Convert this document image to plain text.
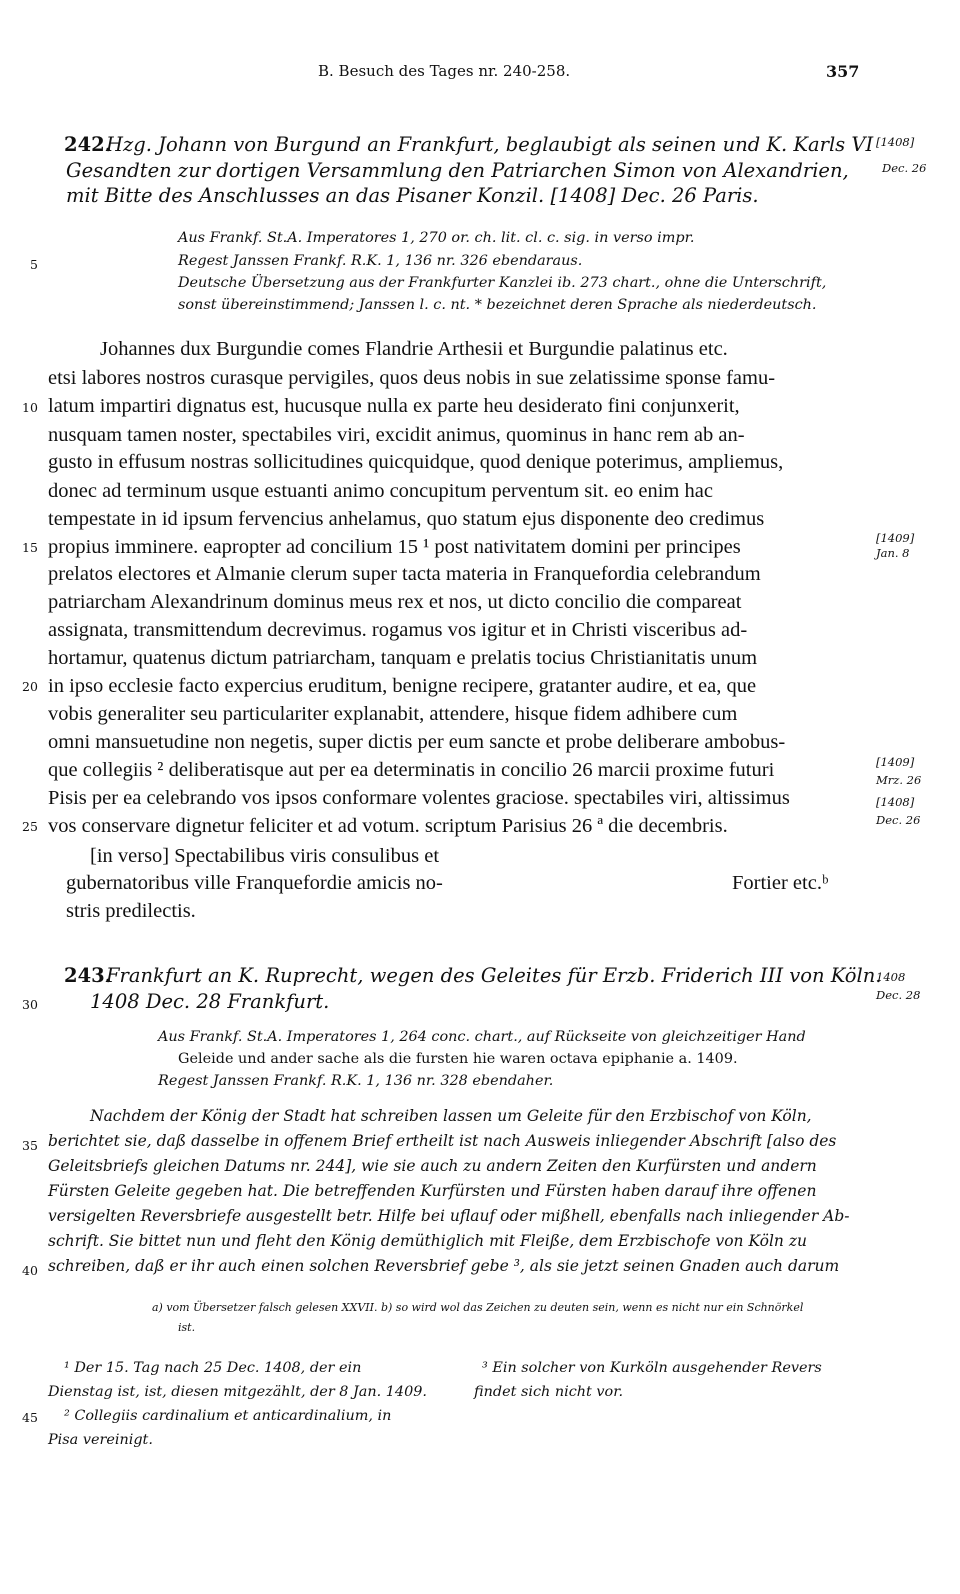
B. Besuch des Tages nr. 240-258.	357
242.
Hzg. Johann von Burgund an Frankfurt, beglaubigt als seinen und K. Karls VI
Gesandten zur dortigen Versammlung den Patriarchen Simon von Alexandrien,
mit Bitte des Anschlusses an das Pisaner Konzil. [1408] Dec. 26 Paris.
Aus Frankf. St.A. Imperatores 1, 270 or. ch. lit. cl. c. sig. in verso impr.
Regest Janssen Frankf. R.K. 1, 136 nr. 326 ebendaraus.
Deutsche Übersetzung aus der Frankfurter Kanzlei ib. 273 chart., ohne die Unterschrift,
sonst übereinstimmend; Janssen l. c. nt. * bezeichnet deren Sprache als niederdeutsch.
Johannes dux Burgundie comes Flandrie Arthesii et Burgundie palatinus etc.
etsi labores nostros curasque pervigiles, quos deus nobis in sue zelatissime sponse famu-
latum impartiri dignatus est, hucusque nulla ex parte heu desiderato fini conjunxerit,
nusquam tamen noster, spectabiles viri, excidit animus, quominus in hanc rem ab an-
gusto in effusum nostras sollicitudines quicquidque, quod denique poterimus, ampliemus,
donec ad terminum usque estuanti animo concupitum perventum sit. eo enim hac
tempestate in id ipsum fervencius anhelamus, quo statum ejus disponente deo credimus
propius imminere. eapropter ad concilium 15 ¹ post nativitatem domini per principes
prelatos electores et Almanie clerum super tacta materia in Franquefordia celebrandum
patriarcham Alexandrinum dominus meus rex et nos, ut dicto concilio die compareat
assignata, transmittendum decrevimus. rogamus vos igitur et in Christi visceribus ad-
hortamur, quatenus dictum patriarcham, tanquam e prelatis tocius Christianitatis unum
in ipso ecclesie facto expercius eruditum, benigne recipere, gratanter audire, et ea, que
vobis generaliter seu particulariter explanabit, attendere, hisque fidem adhibere cum
omni mansuetudine non negetis, super dictis per eum sancte et probe deliberare ambobus-
que collegiis ² deliberatisque aut per ea determinatis in concilio 26 marcii proxime futuri
Pisis per ea celebrando vos ipsos conformare volentes graciose. spectabiles viri, altissimus
vos conservare dignetur feliciter et ad votum. scriptum Parisius 26 ª die decembris.
[in verso] Spectabilibus viris consulibus et
gubernatoribus ville Franquefordie amicis no-
stris predilectis.
Fortier etc.ᵇ
243.
Frankfurt an K. Ruprecht, wegen des Geleites für Erzb. Friderich III von Köln.
1408 Dec. 28 Frankfurt.
Aus Frankf. St.A. Imperatores 1, 264 conc. chart., auf Rückseite von gleichzeitiger Hand
Geleide und ander sache als die fursten hie waren octava epiphanie a. 1409.
Regest Janssen Frankf. R.K. 1, 136 nr. 328 ebendaher.
Nachdem der König der Stadt hat schreiben lassen um Geleite für den Erzbischof von Köln,
berichtet sie, daß dasselbe in offenem Brief ertheilt ist nach Ausweis inliegender Abschrift [also des
Geleitsbriefs gleichen Datums nr. 244], wie sie auch zu andern Zeiten den Kurfürsten und andern
Fürsten Geleite gegeben hat. Die betreffenden Kurfürsten und Fürsten haben darauf ihre offenen
versigelten Reversbriefe ausgestellt betr. Hilfe bei uflauf oder mißhell, ebenfalls nach inliegender Ab-
schrift. Sie bittet nun und fleht den König demüthiglich mit Fleiße, dem Erzbischofe von Köln zu
schreiben, daß er ihr auch einen solchen Reversbrief gebe ³, als sie jetzt seinen Gnaden auch darum
a) vom Übersetzer falsch gelesen XXVII. b) so wird wol das Zeichen zu deuten sein, wenn es nicht nur ein Schnörkel
ist.
¹ Der 15. Tag nach 25 Dec. 1408, der ein
Dienstag ist, ist, diesen mitgezählt, der 8 Jan. 1409.
² Collegiis cardinalium et anticardinalium, in
Pisa vereinigt.
³ Ein solcher von Kurköln ausgehender Revers
findet sich nicht vor.
5
10
15
20
25
30
35
40
45
[1408]
Dec. 26
[1409]
Jan. 8
[1409]
Mrz. 26
[1408]
Dec. 26
1408
Dec. 28
